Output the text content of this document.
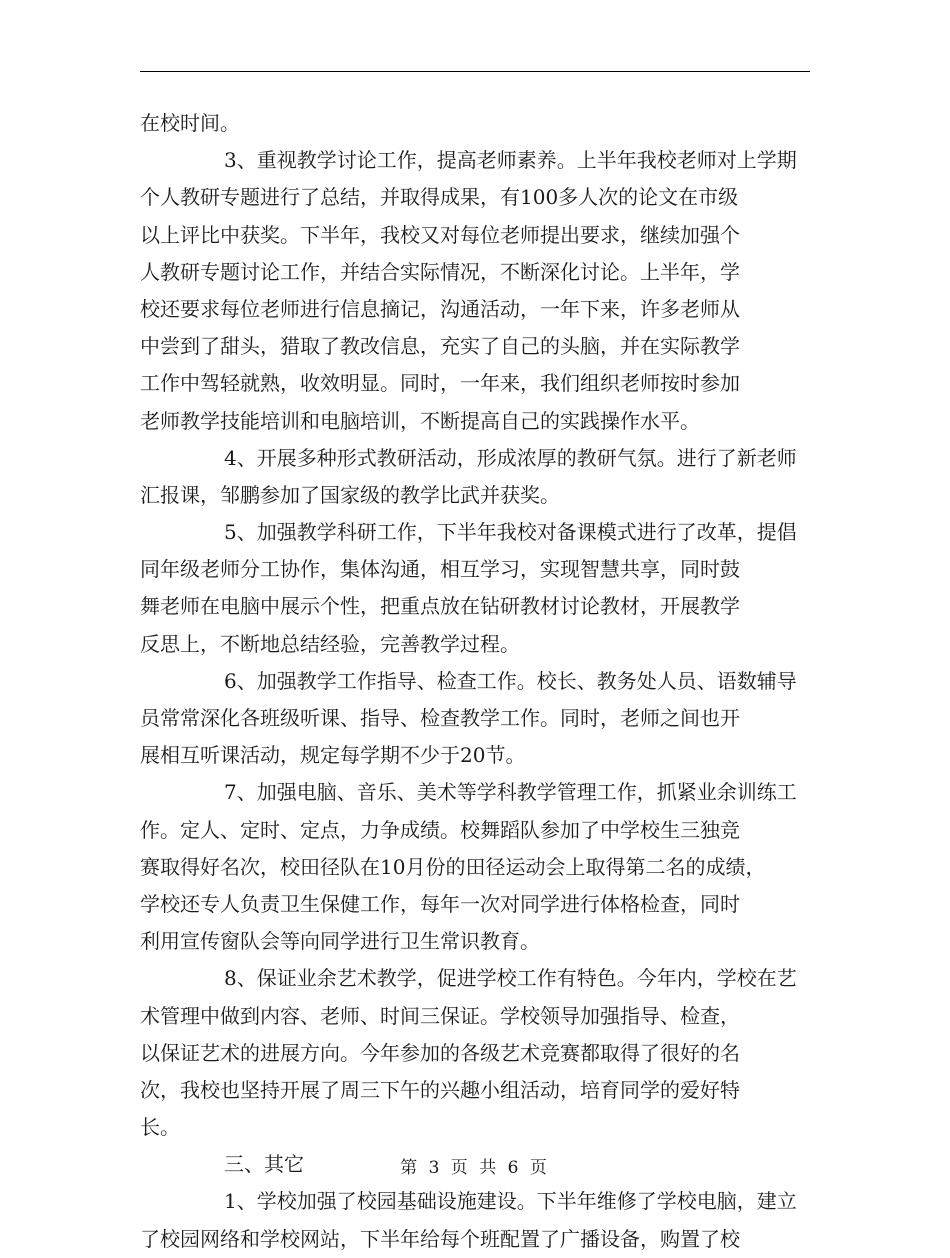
在校时间。
3、重视教学讨论工作，提高老师素养。上半年我校老师对上学期
个人教研专题进行了总结，并取得成果，有100多人次的论文在市级
以上评比中获奖。下半年，我校又对每位老师提出要求，继续加强个
人教研专题讨论工作，并结合实际情况，不断深化讨论。上半年，学
校还要求每位老师进行信息摘记，沟通活动，一年下来，许多老师从
中尝到了甜头，猎取了教改信息，充实了自己的头脑，并在实际教学
工作中驾轻就熟，收效明显。同时，一年来，我们组织老师按时参加
老师教学技能培训和电脑培训，不断提高自己的实践操作水平。
4、开展多种形式教研活动，形成浓厚的教研气氛。进行了新老师
汇报课，邹鹏参加了国家级的教学比武并获奖。
5、加强教学科研工作，下半年我校对备课模式进行了改革，提倡
同年级老师分工协作，集体沟通，相互学习，实现智慧共享，同时鼓
舞老师在电脑中展示个性，把重点放在钻研教材讨论教材，开展教学
反思上，不断地总结经验，完善教学过程。
6、加强教学工作指导、检查工作。校长、教务处人员、语数辅导
员常常深化各班级听课、指导、检查教学工作。同时，老师之间也开
展相互听课活动，规定每学期不少于20节。
7、加强电脑、音乐、美术等学科教学管理工作，抓紧业余训练工
作。定人、定时、定点，力争成绩。校舞蹈队参加了中学校生三独竞
赛取得好名次，校田径队在10月份的田径运动会上取得第二名的成绩，
学校还专人负责卫生保健工作，每年一次对同学进行体格检查，同时
利用宣传窗队会等向同学进行卫生常识教育。
8、保证业余艺术教学，促进学校工作有特色。今年内，学校在艺
术管理中做到内容、老师、时间三保证。学校领导加强指导、检查，
以保证艺术的进展方向。今年参加的各级艺术竞赛都取得了很好的名
次，我校也坚持开展了周三下午的兴趣小组活动，培育同学的爱好特
长。
三、其它
1、学校加强了校园基础设施建设。下半年维修了学校电脑，建立
了校园网络和学校网站，下半年给每个班配置了广播设备，购置了校
第 3 页 共 6 页
